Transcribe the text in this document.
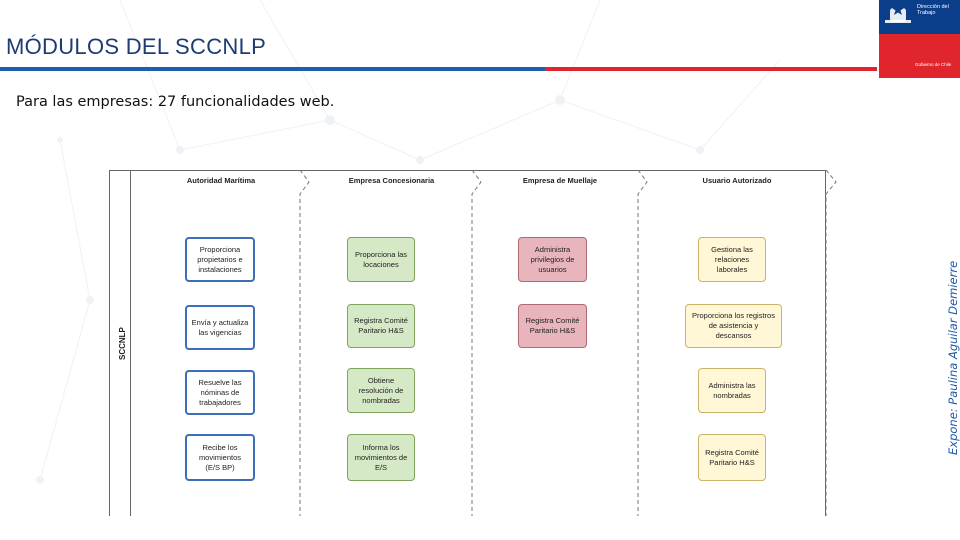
MÓDULOS DEL SCCNLP
Dirección del Trabajo
Gobierno de Chile
Para las empresas: 27 funcionalidades web.
Expone: Paulina Aguilar Demierre
SCCNLP
Autoridad Marítima	Empresa Concesionaria	Empresa de Muellaje	Usuario Autorizado
Proporciona propietarios e instalaciones
Envía y actualiza las vigencias
Resuelve las nóminas de trabajadores
Recibe los movimientos (E/S BP)
Proporciona las locaciones
Registra Comité Paritario H&S
Obtiene resolución de nombradas
Informa los movimientos de E/S
Administra privilegios de usuarios
Registra Comité Paritario H&S
Gestiona las relaciones laborales
Proporciona los registros de asistencia y descansos
Administra las nombradas
Registra Comité Paritario H&S
